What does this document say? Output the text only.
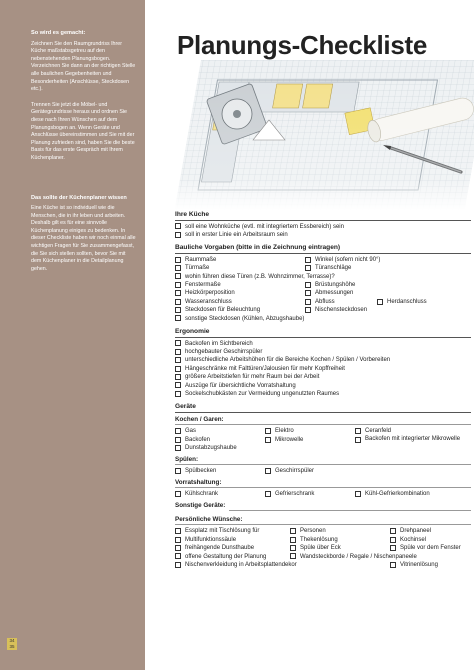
So wird es gemacht:
Zeichnen Sie den Raumgrundriss Ihrer Küche maßstabsgetreu auf den nebenstehenden Planungsbogen. Verzeichnen Sie dann an der richtigen Stelle alle baulichen Gegebenheiten und Besonderheiten (Anschlüsse, Steckdosen etc.).
Trennen Sie jetzt die Möbel- und Gerätegrundrisse heraus und ordnen Sie diese nach Ihren Wünschen auf dem Planungsbogen an. Wenn Geräte und Anschlüsse übereinstimmen und Sie mit der Planung zufrieden sind, haben Sie die beste Basis für das erste Gespräch mit Ihrem Küchenplaner.
Das sollte der Küchenplaner wissen
Eine Küche ist so individuell wie die Menschen, die in ihr leben und arbeiten. Deshalb gilt es für eine sinnvolle Küchenplanung einiges zu bedenken. In dieser Checkliste haben wir noch einmal alle wichtigen Fragen für Sie zusammengefasst, die Sie sich stellen sollten, bevor Sie mit dem Küchenplaner in die Detailplanung gehen.
34
35
Planungs-Checkliste
Ihre Küche
soll eine Wohnküche (evtl. mit integriertem Essbereich) sein
soll in erster Linie ein Arbeitsraum sein
Bauliche Vorgaben (bitte in die Zeichnung eintragen)
Raummaße	Winkel (sofern nicht 90°)
Türmaße	Türanschläge
wohin führen diese Türen (z.B. Wohnzimmer, Terrasse)?
Fenstermaße	Brüstungshöhe
Heizkörperposition	Abmessungen
Wasseranschluss	Abfluss	Herdanschluss
Steckdosen für Beleuchtung	Nischensteckdosen
sonstige Steckdosen (Kühlen, Abzugshaube)
Ergonomie
Backofen im Sichtbereich
hochgebauter Geschirrspüler
unterschiedliche Arbeitshöhen für die Bereiche Kochen / Spülen / Vorbereiten
Hängeschränke mit Falttüren/Jalousien für mehr Kopffreiheit
größere Arbeitstiefen für mehr Raum bei der Arbeit
Auszüge für übersichtliche Vorratshaltung
Sockelschubkästen zur Vermeidung ungenutzten Raumes
Geräte
Kochen / Garen:
Gas	Elektro	Ceranfeld
Backofen	Mikrowelle	Backofen mit integrierter Mikrowelle
Dunstabzugshaube
Spülen:
Spülbecken	Geschirrspüler
Vorratshaltung:
Kühlschrank	Gefrierschrank	Kühl-Gefrierkombination
Sonstige Geräte:
Persönliche Wünsche:
Essplatz mit Tischlösung für	Personen	Drehpaneel
Multifunktionssäule	Thekenlösung	Kochinsel
freihängende Dunsthaube	Spüle über Eck	Spüle vor dem Fenster
offene Gestaltung der Planung	Wandsteckborde / Regale / Nischenpaneele
Nischenverkleidung in Arbeitsplattendekor	Vitrinenlösung
